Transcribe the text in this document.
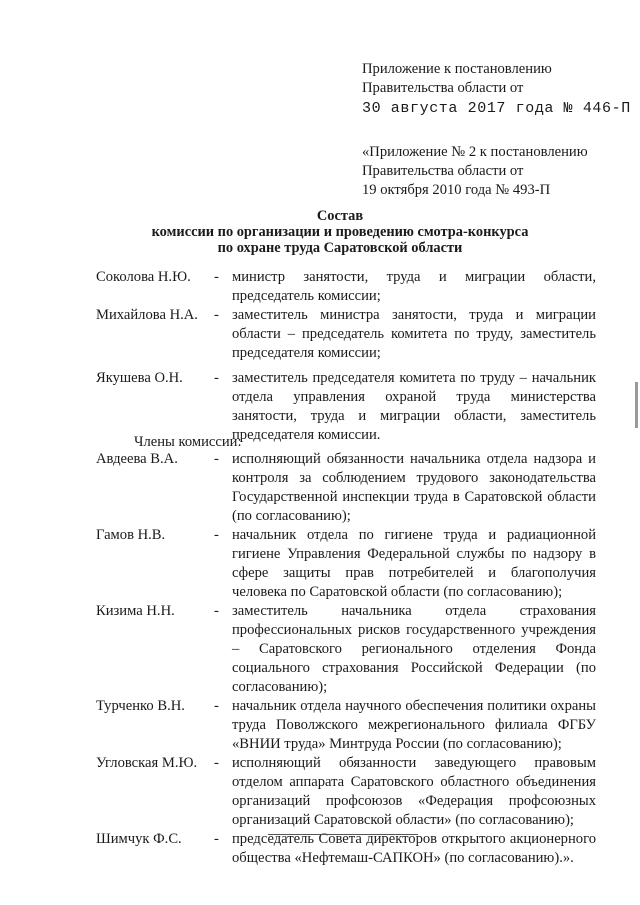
Приложение к постановлению
Правительства области от
30 августа 2017 года № 446-П
«Приложение № 2 к постановлению
Правительства области от
19 октября 2010 года № 493-П
Состав
комиссии по организации и проведению смотра-конкурса
по охране труда Саратовской области
Соколова Н.Ю.	- министр занятости, труда и миграции области, председатель комиссии;
Михайлова Н.А.	- заместитель министра занятости, труда и миграции области – председатель комитета по труду, заместитель председателя комиссии;
Якушева О.Н.	- заместитель председателя комитета по труду – начальник отдела управления охраной труда министерства занятости, труда и миграции области, заместитель председателя комиссии.
Члены комиссии:
Авдеева В.А.	- исполняющий обязанности начальника отдела надзора и контроля за соблюдением трудового законодательства Государственной инспекции труда в Саратовской области (по согласованию);
Гамов Н.В.	- начальник отдела по гигиене труда и радиационной гигиене Управления Федеральной службы по надзору в сфере защиты прав потребителей и благополучия человека по Саратовской области (по согласованию);
Кизима Н.Н.	- заместитель начальника отдела страхования профессиональных рисков государственного учреждения – Саратовского регионального отделения Фонда социального страхования Российской Федерации (по согласованию);
Турченко В.Н.	- начальник отдела научного обеспечения политики охраны труда Поволжского межрегионального филиала ФГБУ «ВНИИ труда» Минтруда России (по согласованию);
Угловская М.Ю.	- исполняющий обязанности заведующего правовым отделом аппарата Саратовского областного объединения организаций профсоюзов «Федерация профсоюзных организаций Саратовской области» (по согласованию);
Шимчук Ф.С.	- председатель Совета директоров открытого акционерного общества «Нефтемаш-САПКОН» (по согласованию).».
